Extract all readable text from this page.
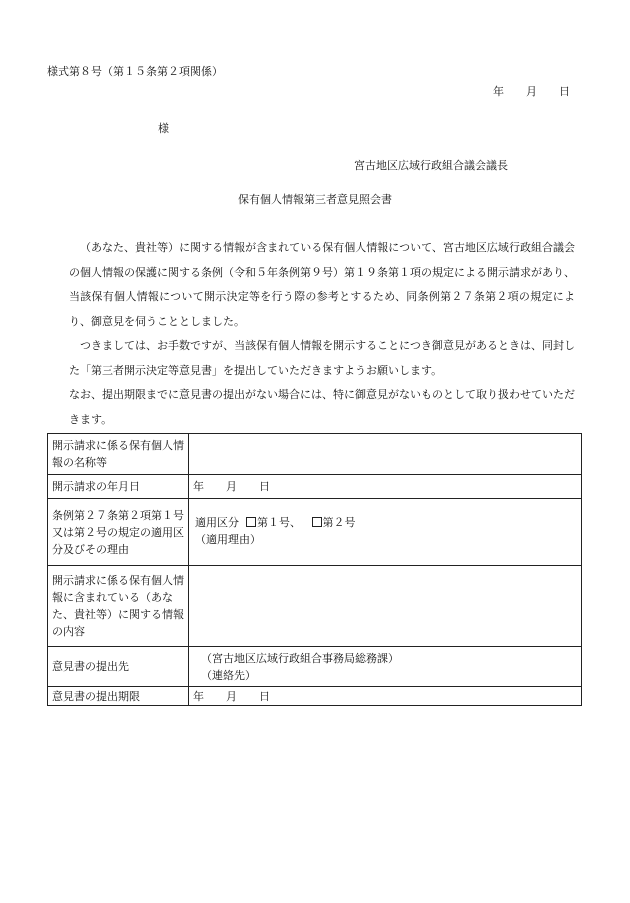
様式第８号（第１５条第２項関係）
年　　月　　日
様
宮古地区広域行政組合議会議長
保有個人情報第三者意見照会書

（あなた、貴社等）に関する情報が含まれている保有個人情報について、宮古地区広域行政組合議会の個人情報の保護に関する条例（令和５年条例第９号）第１９条第１項の規定による開示請求があり、当該保有個人情報について開示決定等を行う際の参考とするため、同条例第２７条第２項の規定により、御意見を伺うこととしました。

つきましては、お手数ですが、当該保有個人情報を開示することにつき御意見があるときは、同封した「第三者開示決定等意見書」を提出していただきますようお願いします。

なお、提出期限までに意見書の提出がない場合には、特に御意見がないものとして取り扱わせていただきます。

開示請求に係る保有個人情報の名称等	
開示請求の年月日	年　　月　　日
条例第２７条第２項第１号又は第２号の規定の適用区分及びその理由	適用区分 第１号、 第２号
（適用理由）

開示請求に係る保有個人情報に含まれている（あなた、貴社等）に関する情報の内容	
意見書の提出先	（宮古地区広域行政組合事務局総務課）
（連絡先）

意見書の提出期限	年　　月　　日
